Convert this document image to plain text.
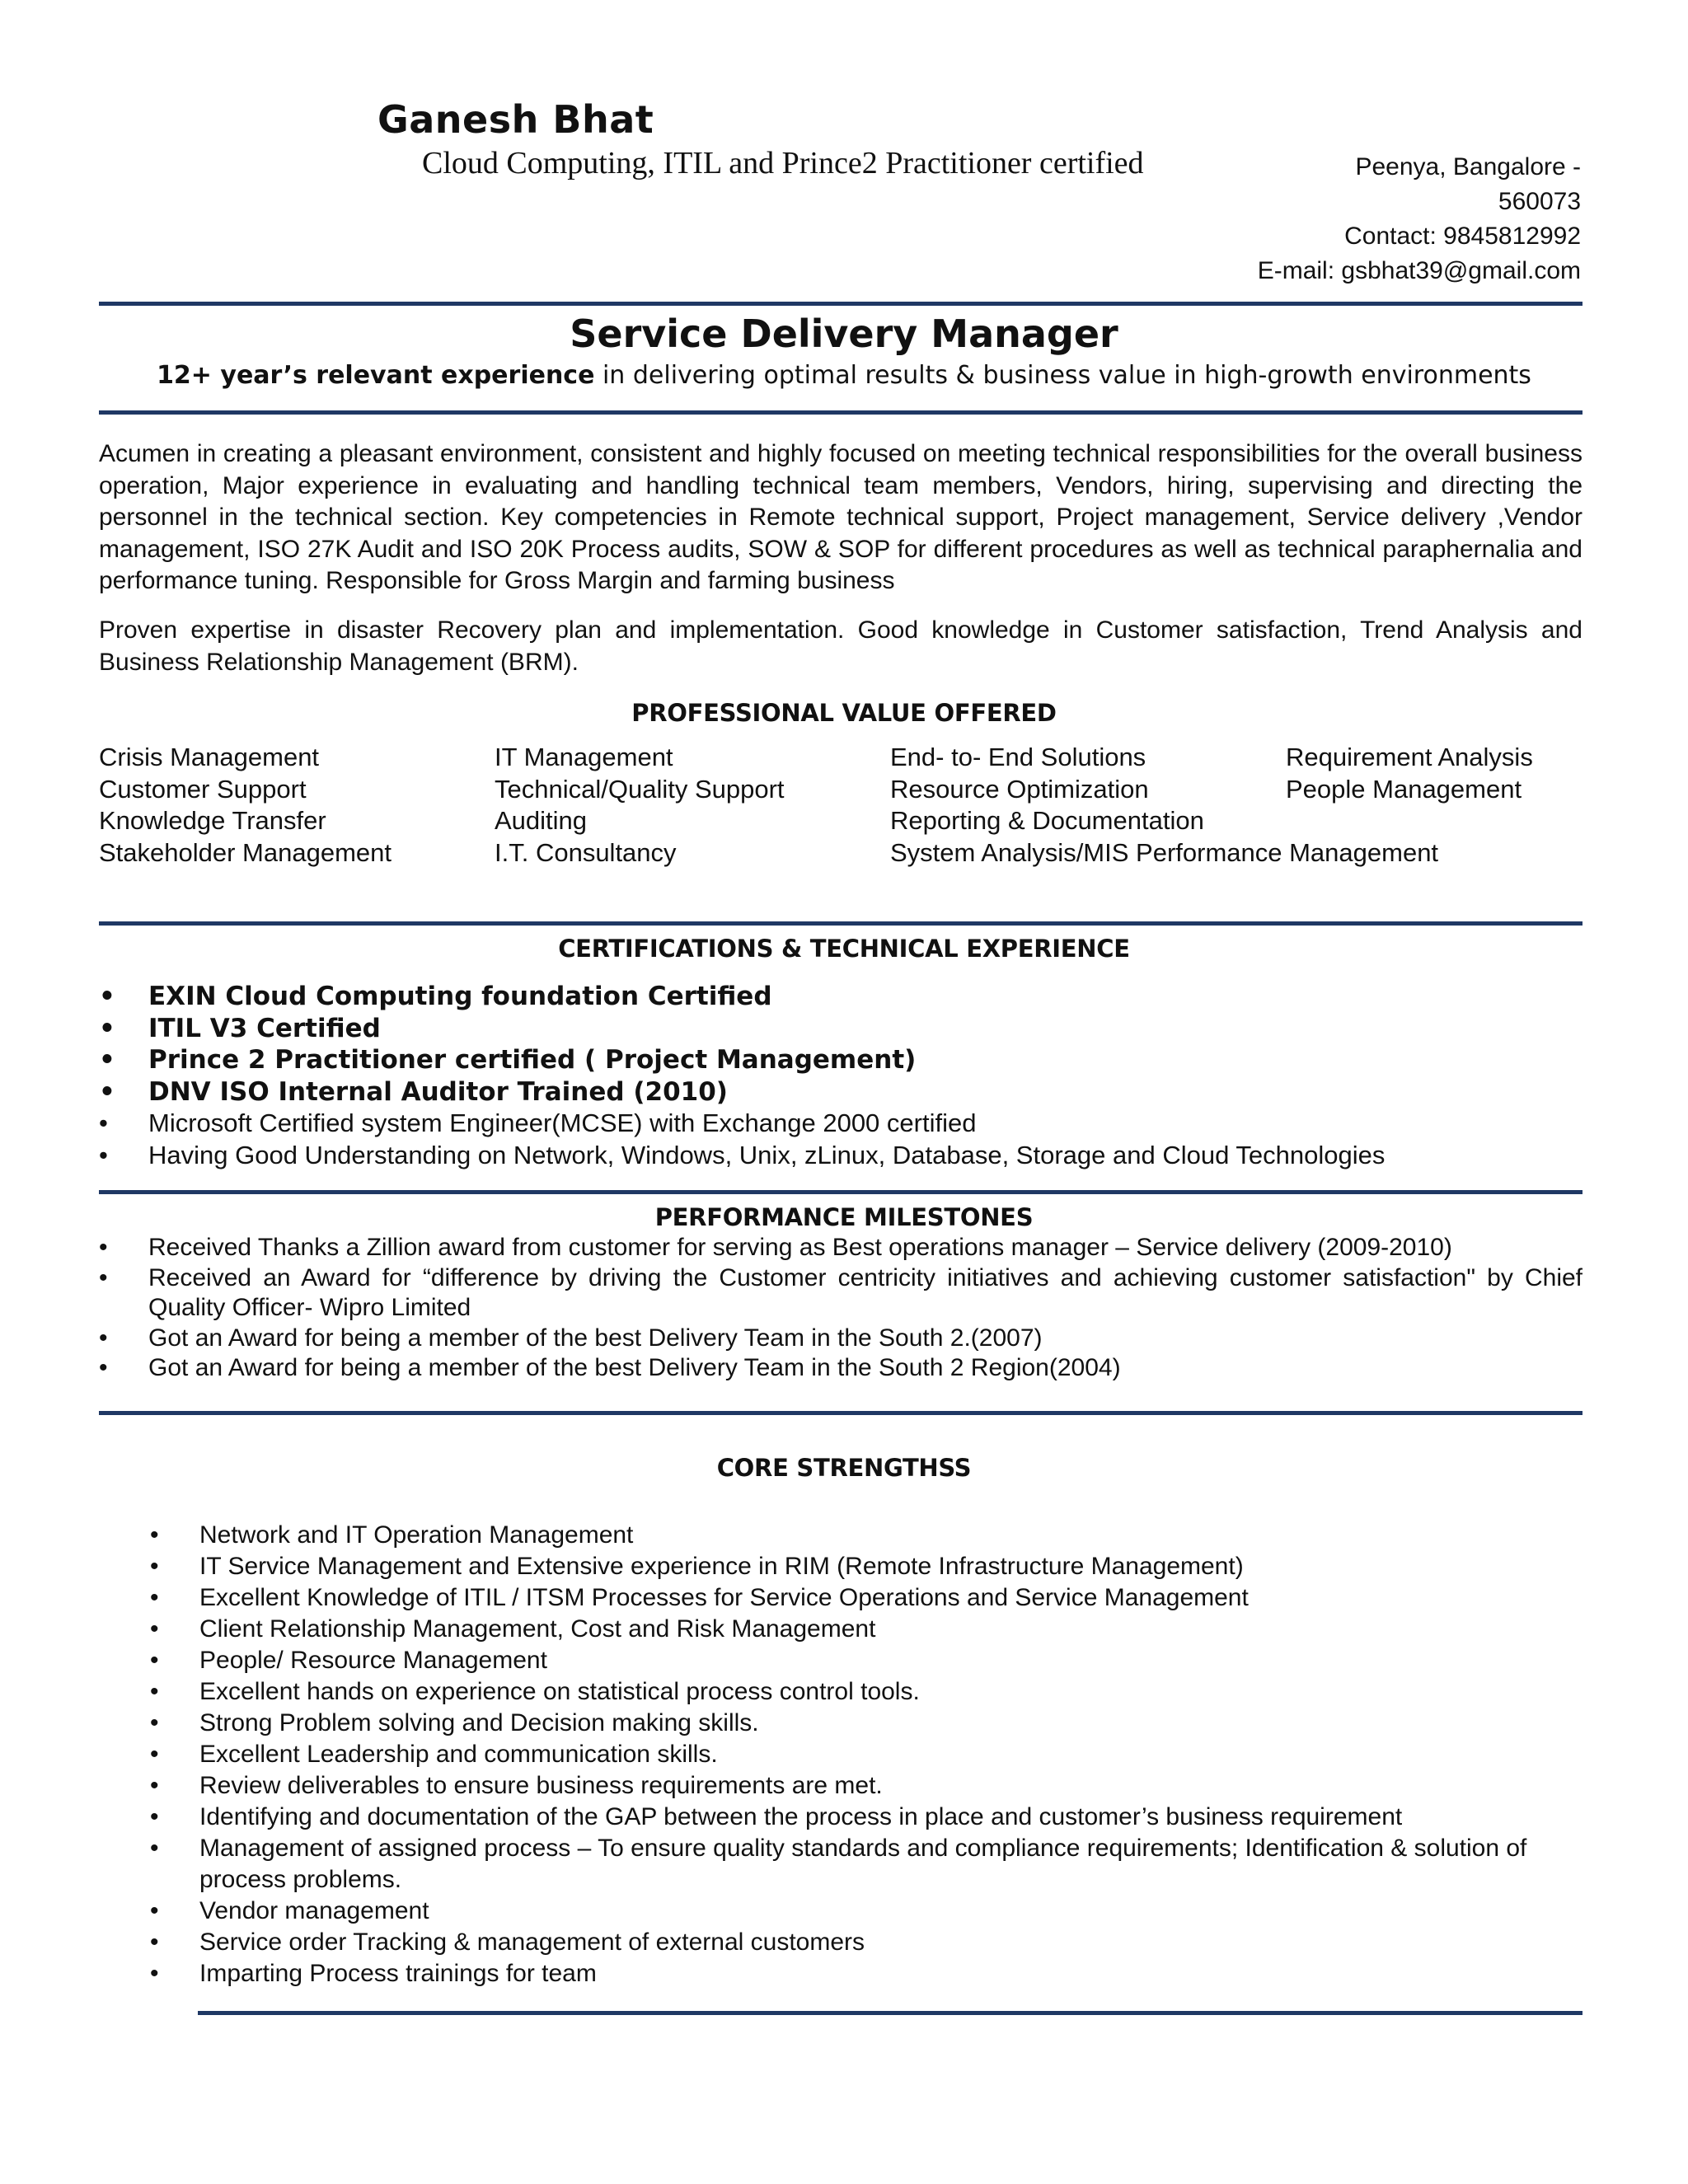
Ganesh Bhat
Cloud Computing, ITIL and Prince2 Practitioner certified	Peenya, Bangalore -
560073
Contact: 9845812992
E-mail: gsbhat39@gmail.com
Service Delivery Manager
12+ year’s relevant experience in delivering optimal results & business value in high-growth environments
Acumen in creating a pleasant environment, consistent and highly focused on meeting technical responsibilities for the overall business operation, Major experience in evaluating and handling technical team members, Vendors, hiring, supervising and directing the personnel in the technical section. Key competencies in Remote technical support, Project management, Service delivery ,Vendor management, ISO 27K Audit and ISO 20K Process audits, SOW & SOP for different procedures as well as technical paraphernalia and performance tuning. Responsible for Gross Margin and farming business
Proven expertise in disaster Recovery plan and implementation. Good knowledge in Customer satisfaction, Trend Analysis and Business Relationship Management (BRM).
PROFESSIONAL VALUE OFFERED
Crisis Management	IT Management	End- to- End Solutions	Requirement Analysis
Customer Support	Technical/Quality Support	Resource Optimization	People Management
Knowledge Transfer	Auditing	Reporting & Documentation
Stakeholder Management	I.T. Consultancy	System Analysis/MIS Performance Management
CERTIFICATIONS & TECHNICAL EXPERIENCE
• EXIN Cloud Computing foundation Certified
• ITIL V3 Certified
• Prince 2 Practitioner certified ( Project Management)
• DNV ISO Internal Auditor Trained (2010)
• Microsoft Certified system Engineer(MCSE) with Exchange 2000 certified
• Having Good Understanding on Network, Windows, Unix, zLinux, Database, Storage and Cloud Technologies
PERFORMANCE MILESTONES
• Received Thanks a Zillion award from customer for serving as Best operations manager – Service delivery (2009-2010)
• Received an Award for “difference by driving the Customer centricity initiatives and achieving customer satisfaction" by Chief Quality Officer- Wipro Limited
• Got an Award for being a member of the best Delivery Team in the South 2.(2007)
• Got an Award for being a member of the best Delivery Team in the South 2 Region(2004)
CORE STRENGTHSS
• Network and IT Operation Management
• IT Service Management and Extensive experience in RIM (Remote Infrastructure Management)
• Excellent Knowledge of ITIL / ITSM Processes for Service Operations and Service Management
• Client Relationship Management, Cost and Risk Management
• People/ Resource Management
• Excellent hands on experience on statistical process control tools.
• Strong Problem solving and Decision making skills.
• Excellent Leadership and communication skills.
• Review deliverables to ensure business requirements are met.
• Identifying and documentation of the GAP between the process in place and customer’s business requirement
• Management of assigned process – To ensure quality standards and compliance requirements; Identification & solution of process problems.
• Vendor management
• Service order Tracking & management of external customers
• Imparting Process trainings for team
